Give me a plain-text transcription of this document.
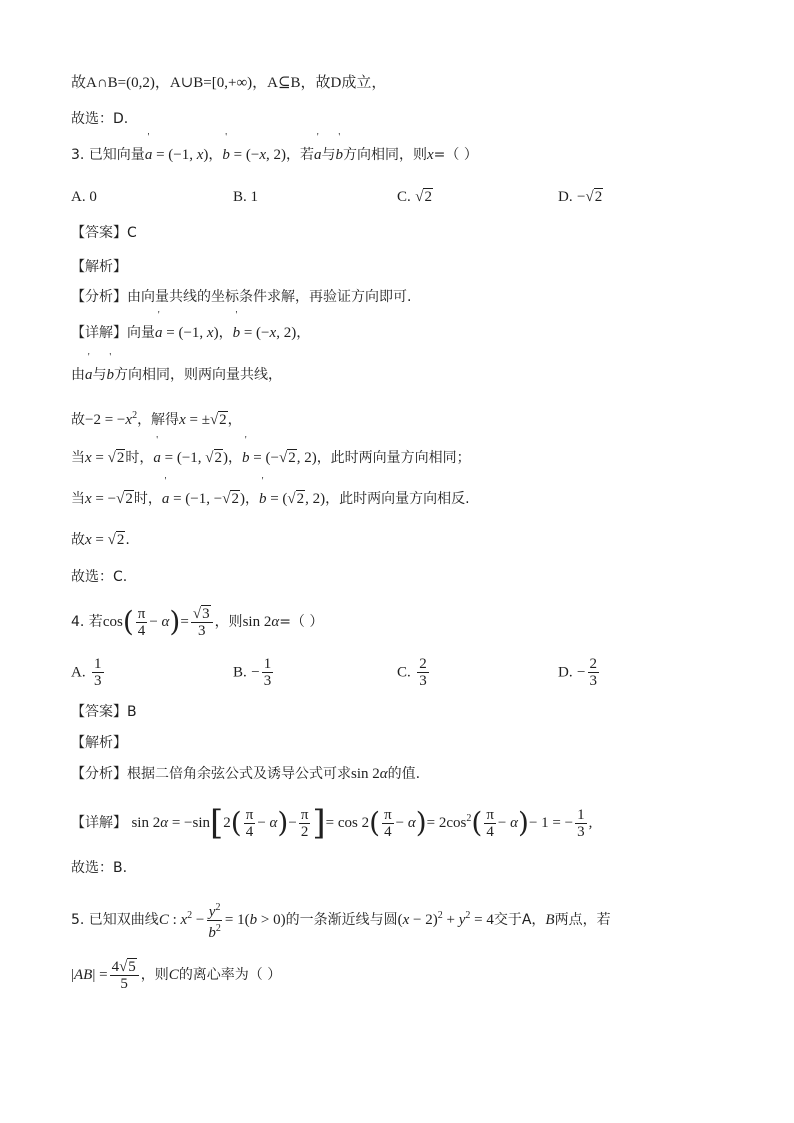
故A∩B=(0,2)，A∪B=[0,+∞)，A⊆B，故D成立，
故选：D.
3. 已知向量a
'
= (−1, x)，b
'
= (−x, 2)，若a
'
与b
'
方向相同，则x=（ ）
A. 0	B. 1	C. √2	D. −√2
【答案】C
【解析】
【分析】由向量共线的坐标条件求解，再验证方向即可.
【详解】向量a
'
= (−1, x)，b
'
= (−x, 2)，
由a
'
与b
'
方向相同，则两向量共线，
故$-2 = -x^2$，解得x = ±√2，
当x = √2时，a
'
= (−1, √2)，b
'
= (−√2, 2)，此时两向量方向相同；
当x = −√2时，a
'
= (−1, −√2)，b
'
= (√2, 2)，此时两向量方向相反.
故x = √2.
故选：C.
4. 若$\cos( \frac{\pi}{4} - \alpha)= \frac{√3}{3}$ ，则sin 2α=（ ）
A. $\frac{1}{3}$	B. − $\frac{1}{3}$	C. $\frac{2}{3}$	D. − $\frac{2}{3}$
【答案】B
【解析】
【分析】根据二倍角余弦公式及诱导公式可求sin 2α的值.
【详解】 $\sin 2\alpha = -\sin[2( \frac{\pi}{4} - \alpha)- \frac{\pi}{2}$ ]= $\cos 2( \frac{\pi}{4} - \alpha)= 2\cos^2( \frac{\pi}{4} - \alpha)- 1$ = − $\frac{1}{3}$ ,
故选：B.
5. 已知双曲线C : $x^2 - \frac{y^2}{b^2} = 1(b > 0)$的一条渐近线与圆$(x - 2)^2 + y^2 = 4$交于A，B两点，若
$|AB| = \frac{4√5}{5}$ ，则C的离心率为（ ）
